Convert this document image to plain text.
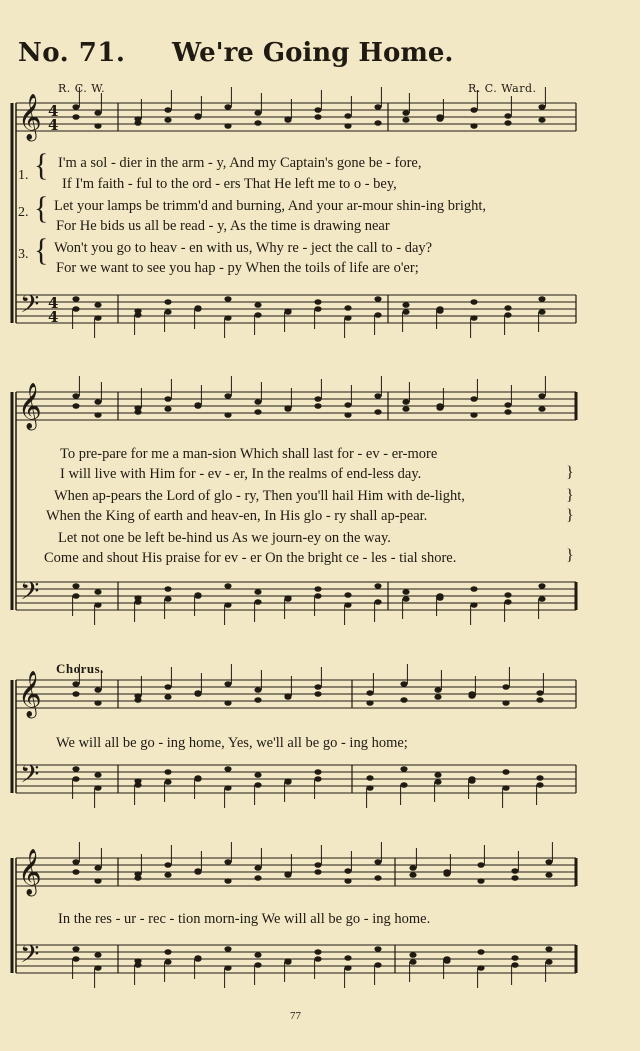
No. 71. We're Going Home.
R. C. W.	R. C. Ward.
𝄞
𝄢
4
4
4
4
𝄞
𝄢
𝄞
𝄢
𝄞
𝄢
1.
2.
3.
{
{
{
I'm a sol - dier in the arm - y, And my Captain's gone be - fore,
If I'm faith - ful to the ord - ers That He left me to o - bey,
Let your lamps be trimm'd and burning, And your ar-mour shin-ing bright,
For He bids us all be read - y, As the time is drawing near
Won't you go to heav - en with us, Why re - ject the call to - day?
For we want to see you hap - py When the toils of life are o'er;
To pre-pare for me a man-sion Which shall last for - ev - er-more
I will live with Him for - ev - er, In the realms of end-less day.
When ap-pears the Lord of glo - ry, Then you'll hail Him with de-light,
When the King of earth and heav-en, In His glo - ry shall ap-pear.
Let not one be left be-hind us As we journ-ey on the way.
Come and shout His praise for ev - er On the bright ce - les - tial shore.
}
}
}
}
Chorus.
We will all be go - ing home, Yes, we'll all be go - ing home;
In the res - ur - rec - tion morn-ing We will all be go - ing home.
77
